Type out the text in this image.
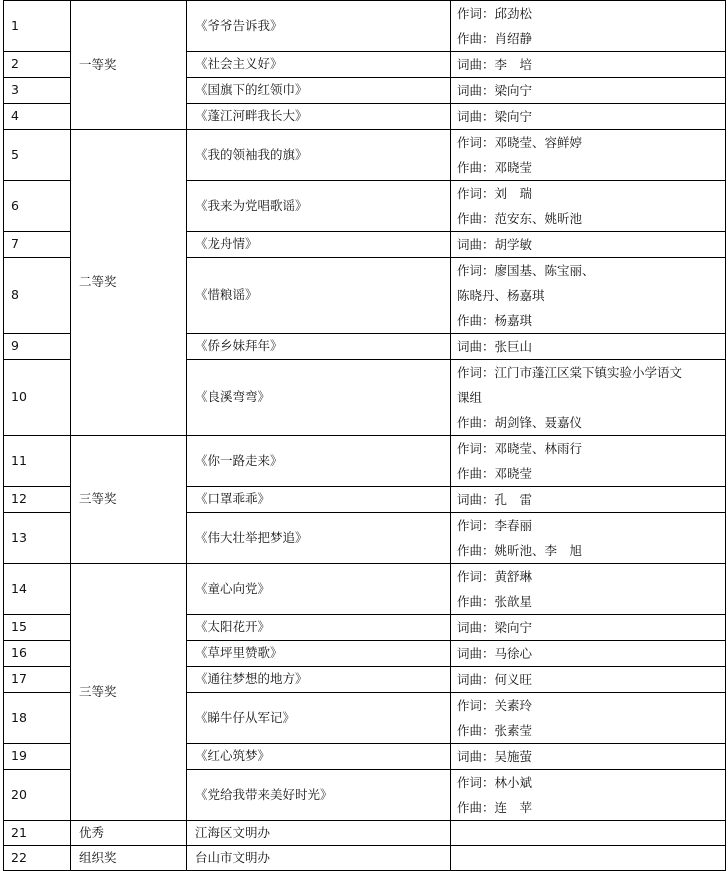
1	一等奖	《爷爷告诉我》	作词：邱劲松
作曲：肖绍静

2		《社会主义好》	词曲：李　培

3		《国旗下的红领巾》	词曲：梁向宁

4		《蓬江河畔我长大》	词曲：梁向宁

5	二等奖	《我的领袖我的旗》	作词：邓晓莹、容鲜婷
作曲：邓晓莹

6		《我来为党唱歌谣》	作词：刘　瑞
作曲：范安东、姚昕池

7		《龙舟情》	词曲：胡学敏

8		《惜粮谣》	作词：廖国基、陈宝丽、
陈晓丹、杨嘉琪
作曲：杨嘉琪

9		《侨乡妹拜年》	词曲：张巨山

10		《良溪弯弯》	作词：江门市蓬江区棠下镇实验小学语文
课组
作曲：胡剑锋、聂嘉仪

11	三等奖	《你一路走来》	作词：邓晓莹、林雨行
作曲：邓晓莹

12		《口罩乖乖》	词曲：孔　雷

13		《伟大壮举把梦追》	作词：李春丽
作曲：姚昕池、李　旭

14	三等奖	《童心向党》	作词：黄舒琳
作曲：张歆星

15		《太阳花开》	词曲：梁向宁

16		《草坪里赞歌》	词曲：马徐心

17		《通往梦想的地方》	词曲：何义旺

18		《睇牛仔从军记》	作词：关素玲
作曲：张素莹

19		《红心筑梦》	词曲：吴施萤

20		《党给我带来美好时光》	作词：林小斌
作曲：连　苹

21	优秀	江海区文明办	
22	组织奖	台山市文明办	
